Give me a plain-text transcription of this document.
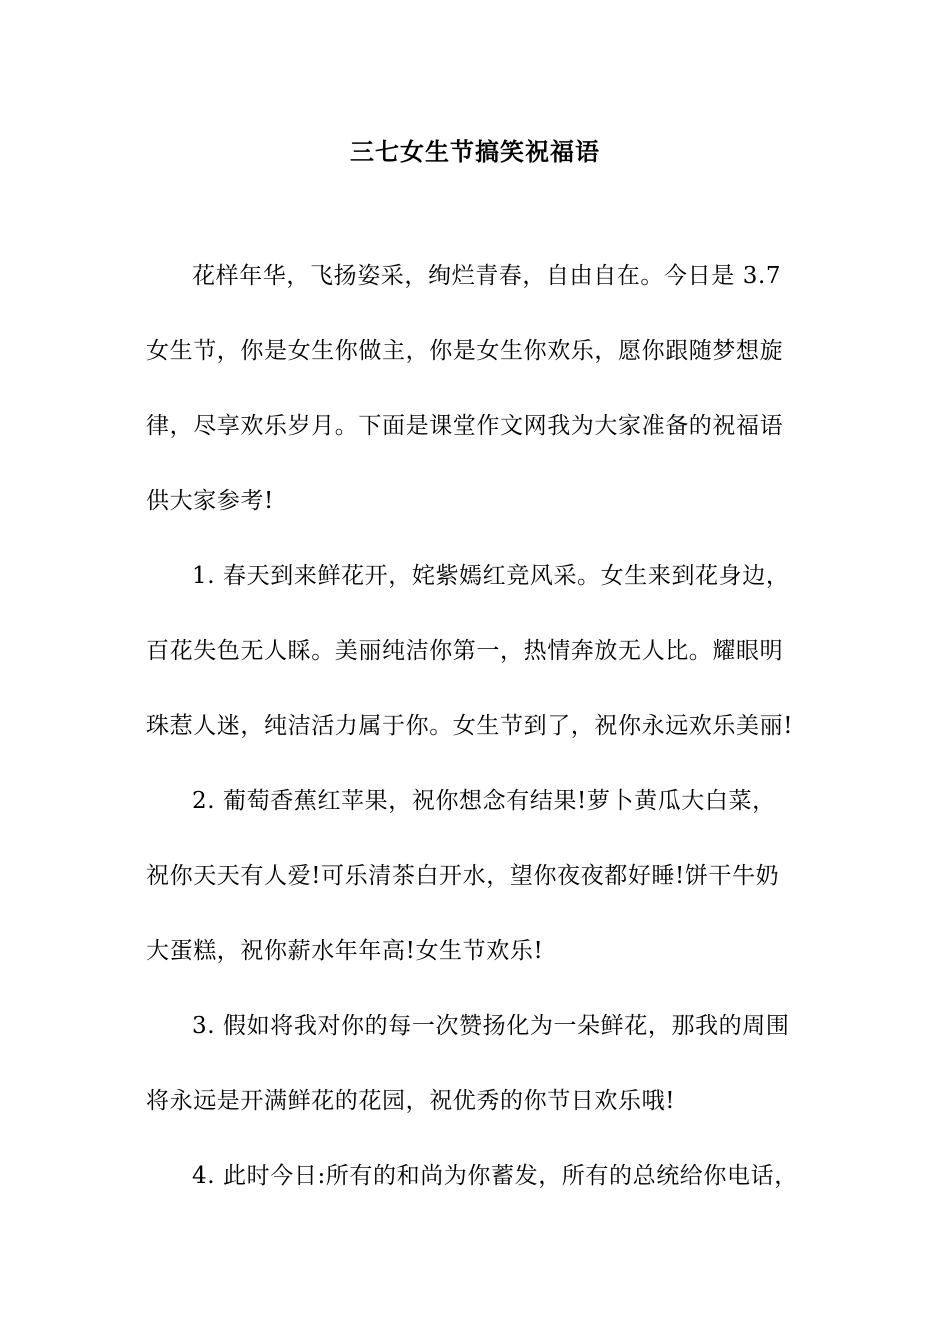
三七女生节搞笑祝福语
花样年华，飞扬姿采，绚烂青春，自由自在。今日是 3.7
女生节，你是女生你做主，你是女生你欢乐，愿你跟随梦想旋
律，尽享欢乐岁月。下面是课堂作文网我为大家准备的祝福语
供大家参考!
1. 春天到来鲜花开，姹紫嫣红竞风采。女生来到花身边，
百花失色无人睬。美丽纯洁你第一，热情奔放无人比。耀眼明
珠惹人迷，纯洁活力属于你。女生节到了，祝你永远欢乐美丽!
2. 葡萄香蕉红苹果，祝你想念有结果!萝卜黄瓜大白菜，
祝你天天有人爱!可乐清茶白开水，望你夜夜都好睡!饼干牛奶
大蛋糕，祝你薪水年年高!女生节欢乐!
3. 假如将我对你的每一次赞扬化为一朵鲜花，那我的周围
将永远是开满鲜花的花园，祝优秀的你节日欢乐哦!
4. 此时今日:所有的和尚为你蓄发，所有的总统给你电话，
